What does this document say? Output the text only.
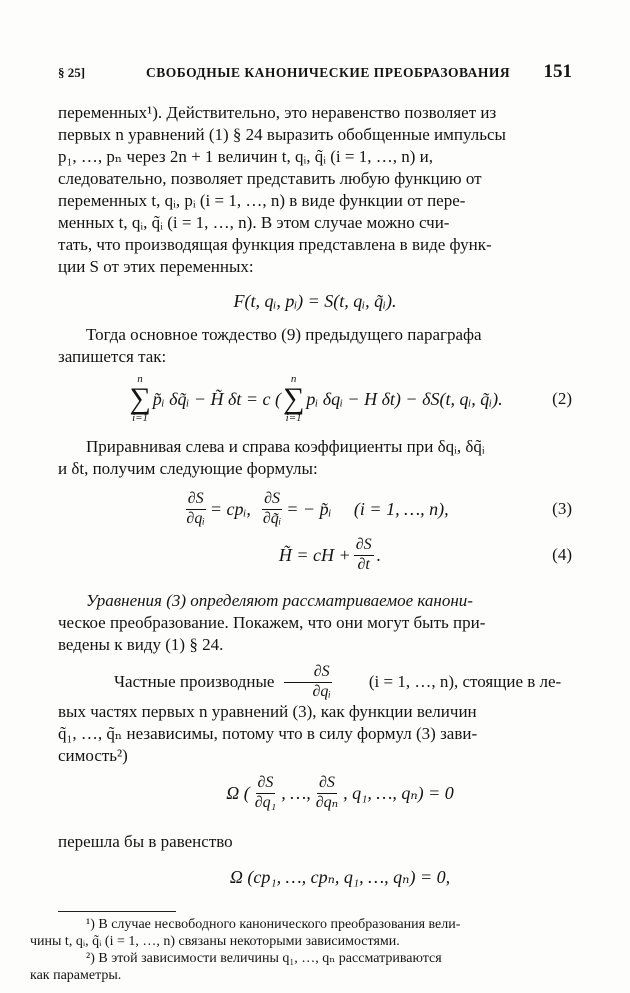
§ 25]	СВОБОДНЫЕ КАНОНИЧЕСКИЕ ПРЕОБРАЗОВАНИЯ 151

переменных¹). Действительно, это неравенство позволяет из
первых n уравнений (1) § 24 выразить обобщенные импульсы
p₁, …, pₙ через 2n + 1 величин t, qᵢ, q̃ᵢ (i = 1, …, n) и,
следовательно, позволяет представить любую функцию от
переменных t, qᵢ, pᵢ (i = 1, …, n) в виде функции от пере-
менных t, qᵢ, q̃ᵢ (i = 1, …, n). В этом случае можно счи-
тать, что производящая функция представлена в виде функ-
ции S от этих переменных:

F(t, qᵢ, pᵢ) = S(t, qᵢ, q̃ᵢ).

Тогда основное тождество (9) предыдущего параграфа
запишется так:

n
∑
i=1
p̃ᵢ δq̃ᵢ − H̃ δt = c (
n
∑
i=1
pᵢ δqᵢ − H δt) − δS(t, qᵢ, q̃ᵢ).	(2)

Приравнивая слева и справа коэффициенты при δqᵢ, δq̃ᵢ
и δt, получим следующие формулы:

$\frac{\partial S}{\text{∂qᵢ}}$ = cpᵢ, $\frac{\partial S}{\text{∂q̃ᵢ}}$ = − p̃ᵢ     (i = 1, …, n),	(3)
H̃ = cH + $\frac{\partial S}{\partial t}$ .	(4)

Уравнения (3) определяют рассматриваемое канони-
ческое преобразование. Покажем, что они могут быть при-
ведены к виду (1) § 24.

Частные производные $\frac{\partial S}{\text{∂qᵢ}}$	(i = 1, …, n), стоящие в ле-

вых частях первых n уравнений (3), как функции величин
q̃₁, …, q̃ₙ независимы, потому что в силу формул (3) зави-
симость²)

Ω ( $\frac{\partial S}{\text{∂q₁}}$ , …, $\frac{\partial S}{\text{∂qₙ}}$ , q₁, …, qₙ) = 0

перешла бы в равенство

Ω (cp₁, …, cpₙ, q₁, …, qₙ) = 0,

¹) В случае несвободного канонического преобразования вели-
чины t, qᵢ, q̃ᵢ (i = 1, …, n) связаны некоторыми зависимостями.

²) В этой зависимости величины q₁, …, qₙ рассматриваются
как параметры.
